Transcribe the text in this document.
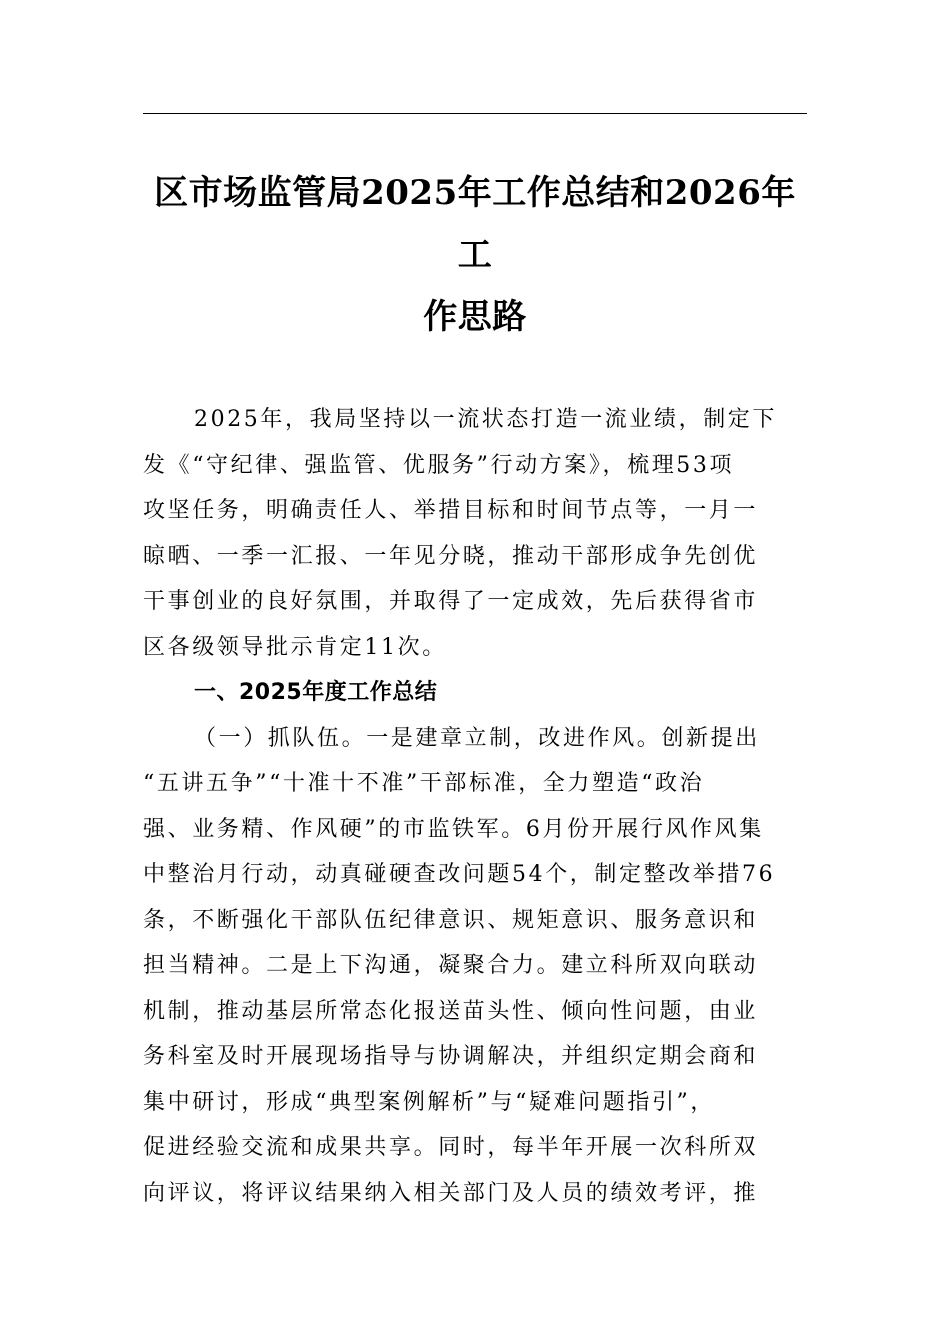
区市场监管局2025年工作总结和2026年工
作思路

2025年，我局坚持以一流状态打造一流业绩，制定下
发《“守纪律、强监管、优服务”行动方案》，梳理53项
攻坚任务，明确责任人、举措目标和时间节点等，一月一
晾晒、一季一汇报、一年见分晓，推动干部形成争先创优
干事创业的良好氛围，并取得了一定成效，先后获得省市
区各级领导批示肯定11次。

一、2025年度工作总结

（一）抓队伍。一是建章立制，改进作风。创新提出
“五讲五争”“十准十不准”干部标准，全力塑造“政治
强、业务精、作风硬”的市监铁军。6月份开展行风作风集
中整治月行动，动真碰硬查改问题54个，制定整改举措76
条，不断强化干部队伍纪律意识、规矩意识、服务意识和
担当精神。二是上下沟通，凝聚合力。建立科所双向联动
机制，推动基层所常态化报送苗头性、倾向性问题，由业
务科室及时开展现场指导与协调解决，并组织定期会商和
集中研讨，形成“典型案例解析”与“疑难问题指引”，
促进经验交流和成果共享。同时，每半年开展一次科所双
向评议，将评议结果纳入相关部门及人员的绩效考评，推
